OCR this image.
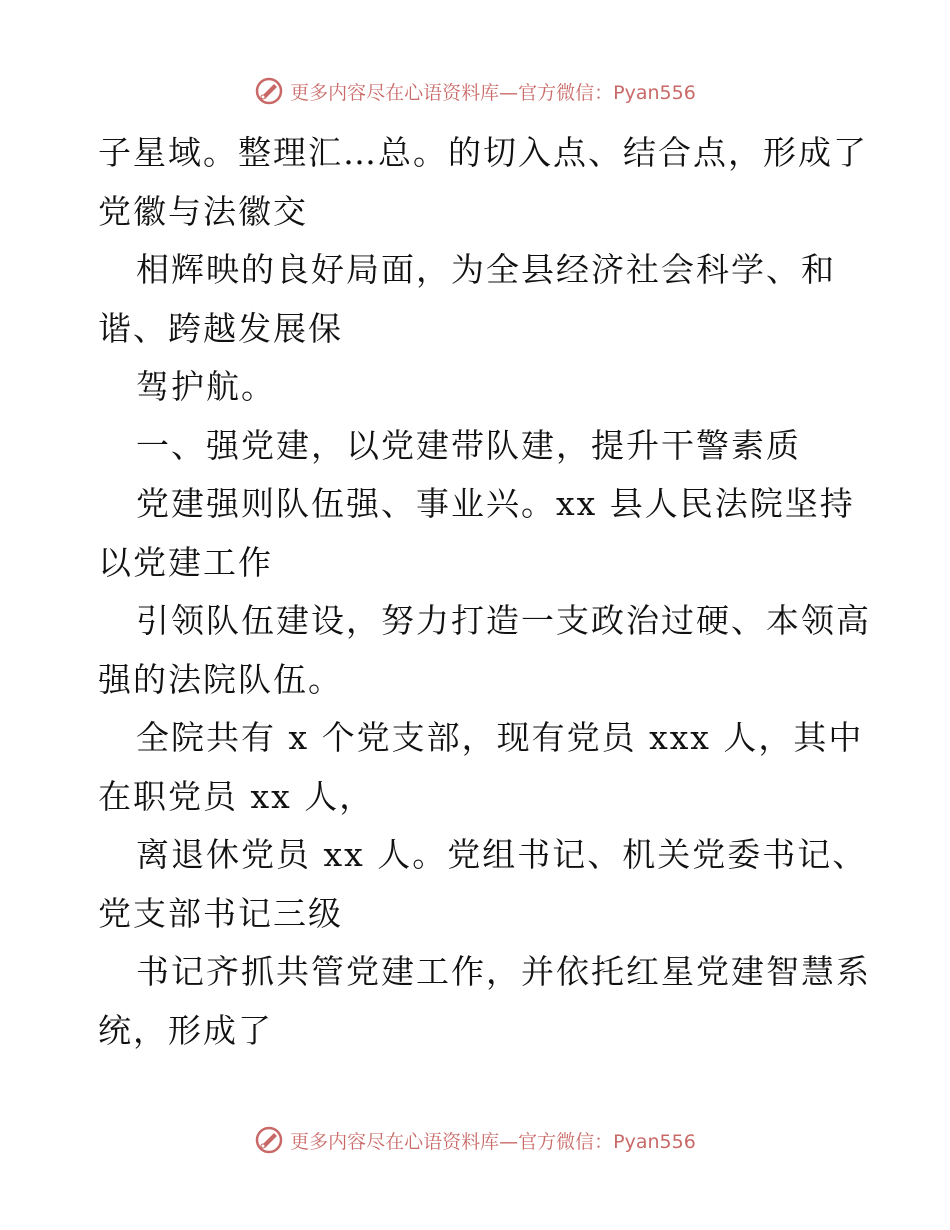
更多内容尽在心语资料库—官方微信：Pyan556

子星域。整理汇…总。的切入点、结合点，形成了
党徽与法徽交
相辉映的良好局面，为全县经济社会科学、和
谐、跨越发展保
驾护航。
一、强党建，以党建带队建，提升干警素质
党建强则队伍强、事业兴。xx 县人民法院坚持
以党建工作
引领队伍建设，努力打造一支政治过硬、本领高
强的法院队伍。
全院共有 x 个党支部，现有党员 xxx 人，其中
在职党员 xx 人，
离退休党员 xx 人。党组书记、机关党委书记、
党支部书记三级
书记齐抓共管党建工作，并依托红星党建智慧系
统，形成了

更多内容尽在心语资料库—官方微信：Pyan556
